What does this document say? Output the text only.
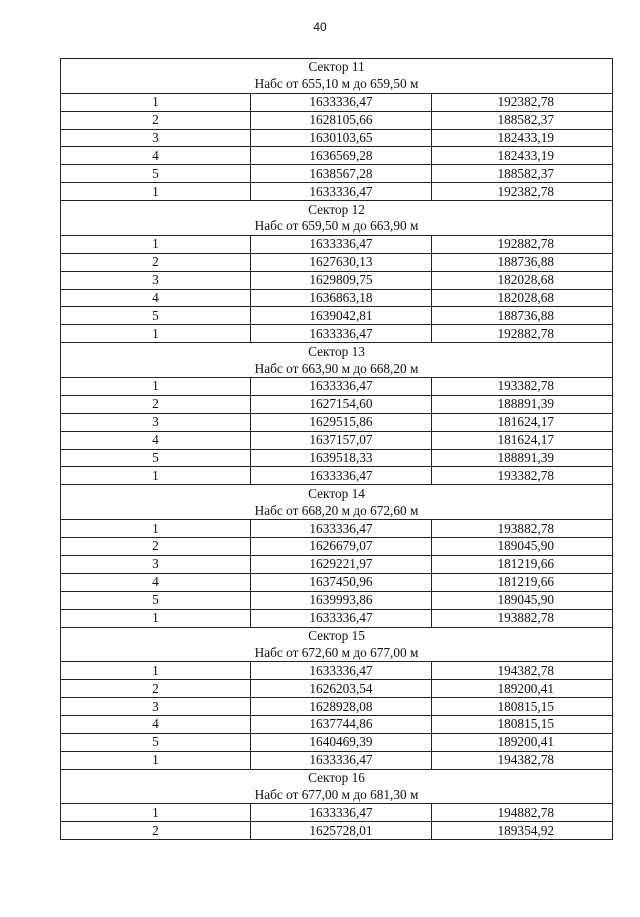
40
Сектор 11		
Набс от 655,10 м до 659,50 м		
1	1633336,47	192382,78
2	1628105,66	188582,37
3	1630103,65	182433,19
4	1636569,28	182433,19
5	1638567,28	188582,37
1	1633336,47	192382,78
Сектор 12		
Набс от 659,50 м до 663,90 м		
1	1633336,47	192882,78
2	1627630,13	188736,88
3	1629809,75	182028,68
4	1636863,18	182028,68
5	1639042,81	188736,88
1	1633336,47	192882,78
Сектор 13		
Набс от 663,90 м до 668,20 м		
1	1633336,47	193382,78
2	1627154,60	188891,39
3	1629515,86	181624,17
4	1637157,07	181624,17
5	1639518,33	188891,39
1	1633336,47	193382,78
Сектор 14		
Набс от 668,20 м до 672,60 м		
1	1633336,47	193882,78
2	1626679,07	189045,90
3	1629221,97	181219,66
4	1637450,96	181219,66
5	1639993,86	189045,90
1	1633336,47	193882,78
Сектор 15		
Набс от 672,60 м до 677,00 м		
1	1633336,47	194382,78
2	1626203,54	189200,41
3	1628928,08	180815,15
4	1637744,86	180815,15
5	1640469,39	189200,41
1	1633336,47	194382,78
Сектор 16		
Набс от 677,00 м до 681,30 м		
1	1633336,47	194882,78
2	1625728,01	189354,92
